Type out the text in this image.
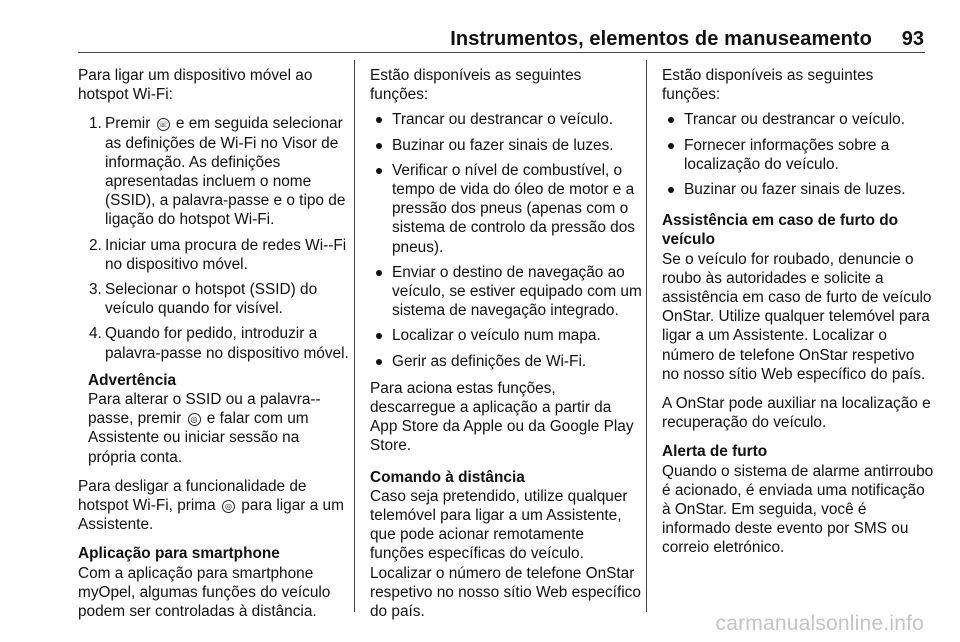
Instrumentos, elementos de manuseamento 93

Para ligar um dispositivo móvel ao hotspot Wi-Fi:

1. Premir ☏ e em seguida selecionar as definições de Wi-Fi no Visor de informação. As definições apresentadas incluem o nome (SSID), a palavra-passe e o tipo de ligação do hotspot Wi-Fi.
2. Iniciar uma procura de redes Wi--Fi no dispositivo móvel.
3. Selecionar o hotspot (SSID) do veículo quando for visível.
4. Quando for pedido, introduzir a palavra-passe no dispositivo móvel.
Advertência
Para alterar o SSID ou a palavra--passe, premir ◎ e falar com um Assistente ou iniciar sessão na própria conta.

Para desligar a funcionalidade de hotspot Wi-Fi, prima ◎ para ligar a um Assistente.

Aplicação para smartphone

Com a aplicação para smartphone myOpel, algumas funções do veículo podem ser controladas à distância.

Estão disponíveis as seguintes funções:

Trancar ou destrancar o veículo.
Buzinar ou fazer sinais de luzes.
Verificar o nível de combustível, o tempo de vida do óleo de motor e a pressão dos pneus (apenas com o sistema de controlo da pressão dos pneus).
Enviar o destino de navegação ao veículo, se estiver equipado com um sistema de navegação integrado.
Localizar o veículo num mapa.
Gerir as definições de Wi-Fi.

Para aciona estas funções, descarregue a aplicação a partir da App Store da Apple ou da Google Play Store.

Comando à distância

Caso seja pretendido, utilize qualquer telemóvel para ligar a um Assistente, que pode acionar remotamente funções específicas do veículo. Localizar o número de telefone OnStar respetivo no nosso sítio Web específico do país.

Estão disponíveis as seguintes funções:

Trancar ou destrancar o veículo.
Fornecer informações sobre a localização do veículo.
Buzinar ou fazer sinais de luzes.

Assistência em caso de furto do veículo

Se o veículo for roubado, denuncie o roubo às autoridades e solicite a assistência em caso de furto de veículo OnStar. Utilize qualquer telemóvel para ligar a um Assistente. Localizar o número de telefone OnStar respetivo no nosso sítio Web específico do país.

A OnStar pode auxiliar na localização e recuperação do veículo.

Alerta de furto

Quando o sistema de alarme antirroubo é acionado, é enviada uma notificação à OnStar. Em seguida, você é informado deste evento por SMS ou correio eletrónico.

carmanualsonline.info
